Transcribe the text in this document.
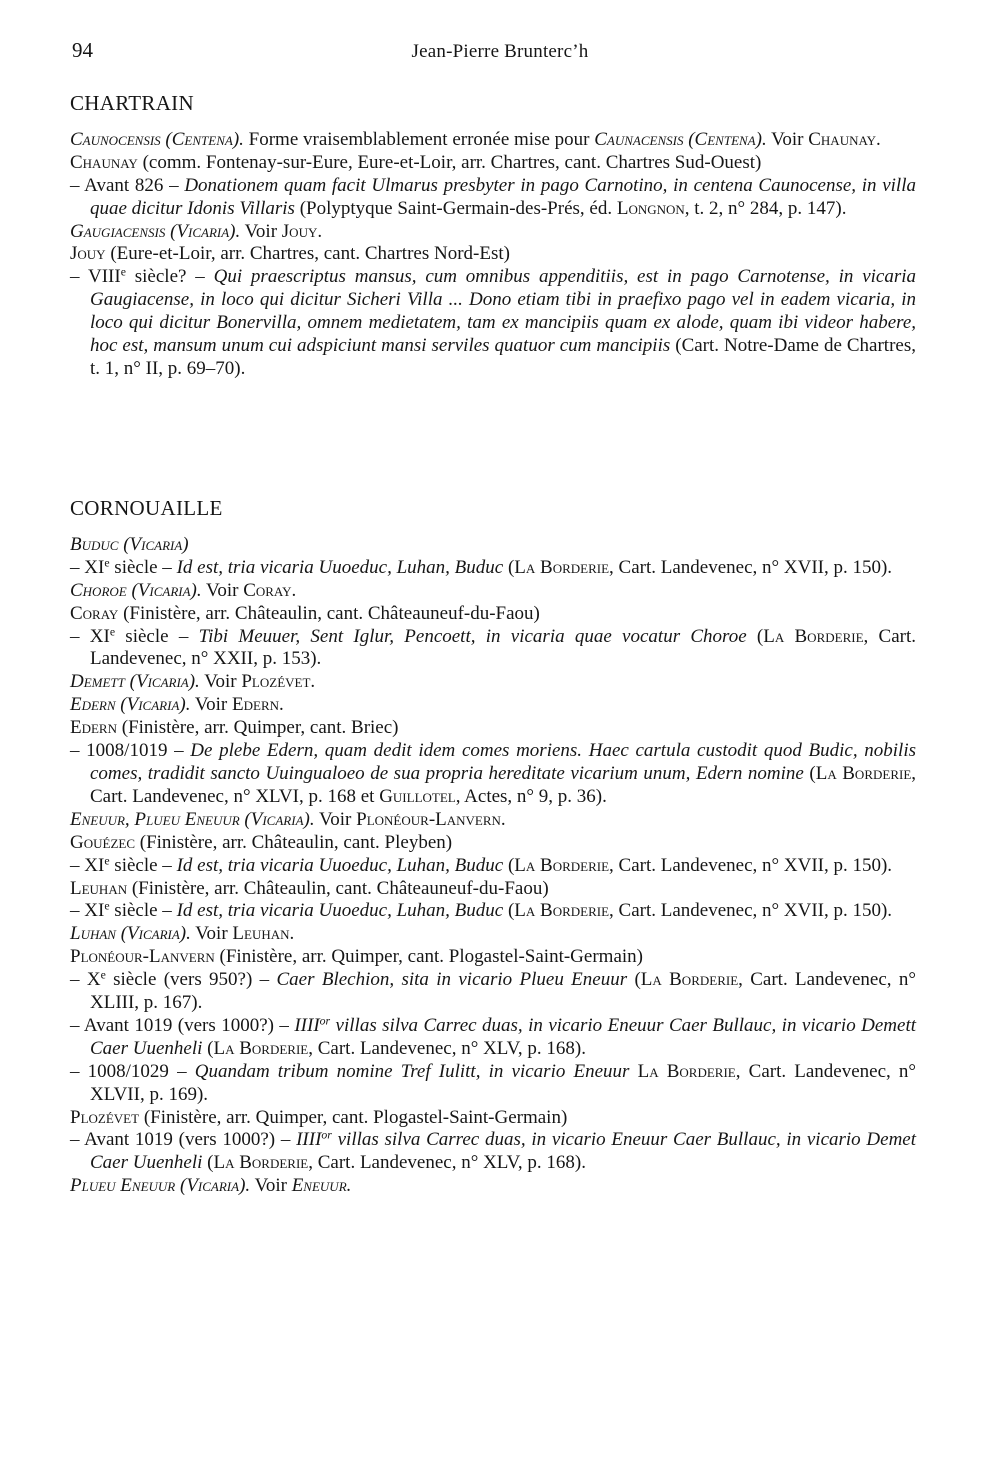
94	Jean-Pierre Brunterc’h
CHARTRAIN

Caunocensis (Centena). Forme vraisemblablement erronée mise pour Caunacensis (Centena). Voir Chaunay.

Chaunay (comm. Fontenay-sur-Eure, Eure-et-Loir, arr. Chartres, cant. Chartres Sud-Ouest)

– Avant 826 – Donationem quam facit Ulmarus presbyter in pago Carnotino, in centena Caunocense, in villa quae dicitur Idonis Villaris (Polyptyque Saint-Germain-des-Prés, éd. Longnon, t. 2, n° 284, p. 147).

Gaugiacensis (Vicaria). Voir Jouy.

Jouy (Eure-et-Loir, arr. Chartres, cant. Chartres Nord-Est)

– VIIIe siècle? – Qui praescriptus mansus, cum omnibus appenditiis, est in pago Carnotense, in vicaria Gaugiacense, in loco qui dicitur Sicheri Villa ... Dono etiam tibi in praefixo pago vel in eadem vicaria, in loco qui dicitur Bonervilla, omnem medietatem, tam ex mancipiis quam ex alode, quam ibi videor habere, hoc est, mansum unum cui adspiciunt mansi serviles quatuor cum mancipiis (Cart. Notre-Dame de Chartres, t. 1, n° II, p. 69–70).

CORNOUAILLE

Buduc (Vicaria)

– XIe siècle – Id est, tria vicaria Uuoeduc, Luhan, Buduc (La Borderie, Cart. Landevenec, n° XVII, p. 150).

Choroe (Vicaria). Voir Coray.

Coray (Finistère, arr. Châteaulin, cant. Châteauneuf-du-Faou)

– XIe siècle – Tibi Meuuer, Sent Iglur, Pencoett, in vicaria quae vocatur Choroe (La Borderie, Cart. Landevenec, n° XXII, p. 153).

Demett (Vicaria). Voir Plozévet.

Edern (Vicaria). Voir Edern.

Edern (Finistère, arr. Quimper, cant. Briec)

– 1008/1019 – De plebe Edern, quam dedit idem comes moriens. Haec cartula custodit quod Budic, nobilis comes, tradidit sancto Uuingualoeo de sua propria hereditate vicarium unum, Edern nomine (La Borderie, Cart. Landevenec, n° XLVI, p. 168 et Guillotel, Actes, n° 9, p. 36).

Eneuur, Plueu Eneuur (Vicaria). Voir Plonéour-Lanvern.

Gouézec (Finistère, arr. Châteaulin, cant. Pleyben)

– XIe siècle – Id est, tria vicaria Uuoeduc, Luhan, Buduc (La Borderie, Cart. Landevenec, n° XVII, p. 150).

Leuhan (Finistère, arr. Châteaulin, cant. Châteauneuf-du-Faou)

– XIe siècle – Id est, tria vicaria Uuoeduc, Luhan, Buduc (La Borderie, Cart. Landevenec, n° XVII, p. 150).

Luhan (Vicaria). Voir Leuhan.

Plonéour-Lanvern (Finistère, arr. Quimper, cant. Plogastel-Saint-Germain)

– Xe siècle (vers 950?) – Caer Blechion, sita in vicario Plueu Eneuur (La Borderie, Cart. Landevenec, n° XLIII, p. 167).

– Avant 1019 (vers 1000?) – $IIII^{or}$ villas silva Carrec duas, in vicario Eneuur Caer Bullauc, in vicario Demett Caer Uuenheli (La Borderie, Cart. Landevenec, n° XLV, p. 168).

– 1008/1029 – Quandam tribum nomine Tref Iulitt, in vicario Eneuur La Borderie, Cart. Landevenec, n° XLVII, p. 169).

Plozévet (Finistère, arr. Quimper, cant. Plogastel-Saint-Germain)

– Avant 1019 (vers 1000?) – $IIII^{or}$ villas silva Carrec duas, in vicario Eneuur Caer Bullauc, in vicario Demet Caer Uuenheli (La Borderie, Cart. Landevenec, n° XLV, p. 168).

Plueu Eneuur (Vicaria). Voir Eneuur.
